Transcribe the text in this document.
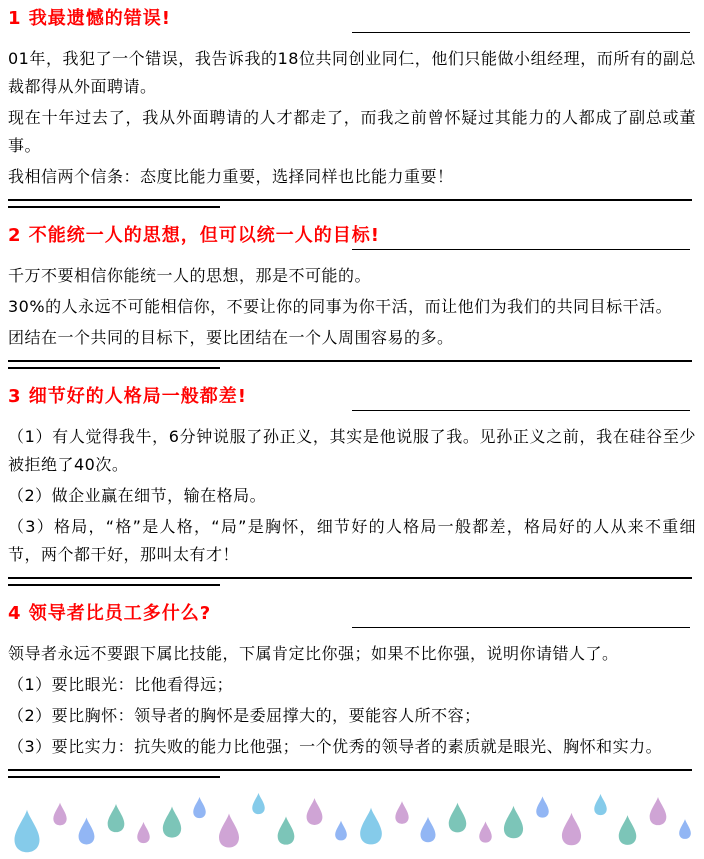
1 我最遗憾的错误!

01年，我犯了一个错误，我告诉我的18位共同创业同仁，他们只能做小组经理，而所有的副总裁都得从外面聘请。

现在十年过去了，我从外面聘请的人才都走了，而我之前曾怀疑过其能力的人都成了副总或董事。

我相信两个信条：态度比能力重要，选择同样也比能力重要！

2 不能统一人的思想，但可以统一人的目标!

千万不要相信你能统一人的思想，那是不可能的。

30%的人永远不可能相信你，不要让你的同事为你干活，而让他们为我们的共同目标干活。

团结在一个共同的目标下，要比团结在一个人周围容易的多。

3 细节好的人格局一般都差!

（1）有人觉得我牛，6分钟说服了孙正义，其实是他说服了我。见孙正义之前，我在硅谷至少被拒绝了40次。

（2）做企业赢在细节，输在格局。

（3）格局，“格”是人格，“局”是胸怀，细节好的人格局一般都差，格局好的人从来不重细节，两个都干好，那叫太有才！

4 领导者比员工多什么?

领导者永远不要跟下属比技能，下属肯定比你强；如果不比你强，说明你请错人了。

（1）要比眼光：比他看得远；

（2）要比胸怀：领导者的胸怀是委屈撑大的，要能容人所不容；

（3）要比实力：抗失败的能力比他强；一个优秀的领导者的素质就是眼光、胸怀和实力。
